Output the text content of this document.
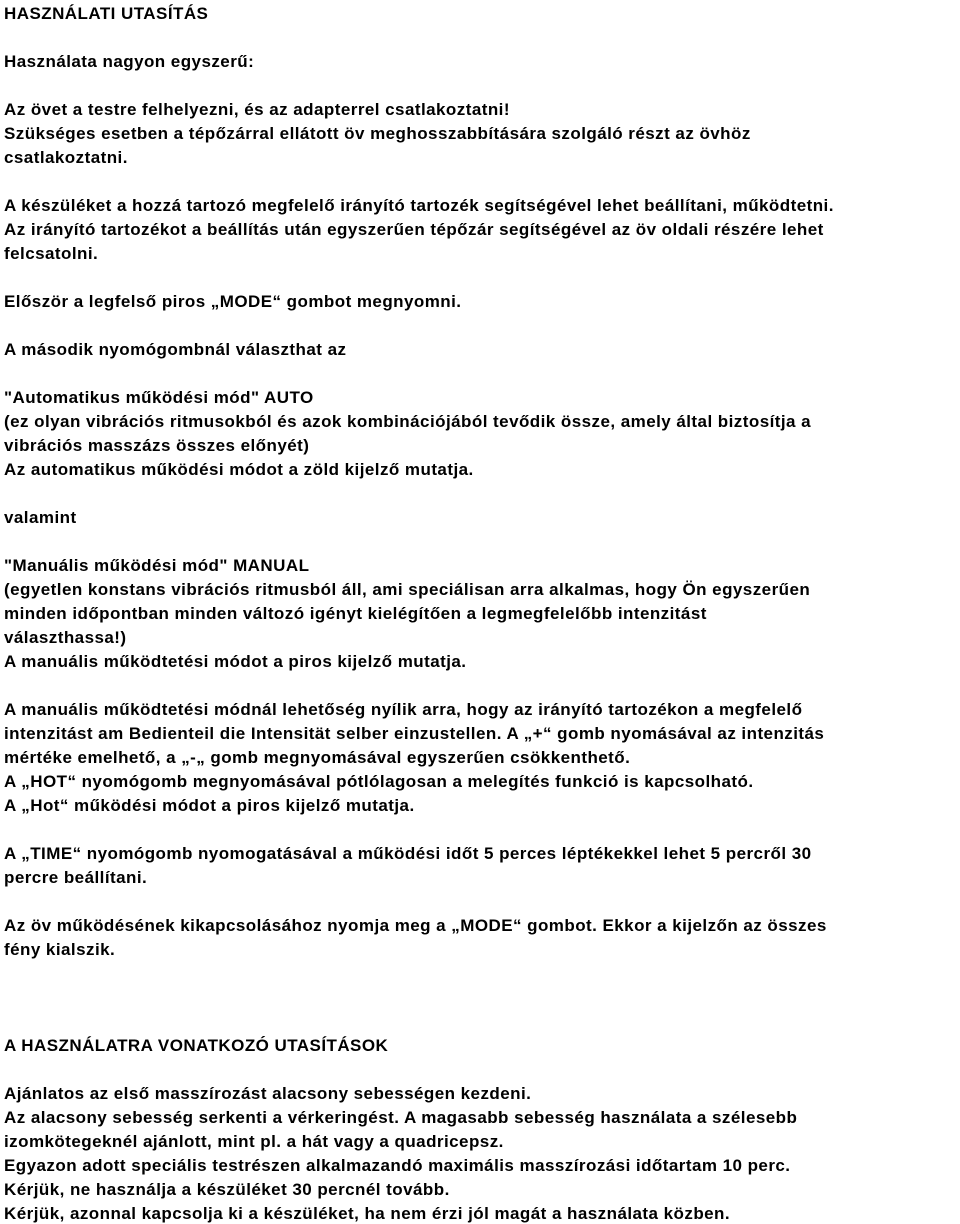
HASZNÁLATI UTASÍTÁS
Használata nagyon egyszerű:
Az övet a testre felhelyezni, és az adapterrel csatlakoztatni!
Szükséges esetben a tépőzárral ellátott öv meghosszabbítására szolgáló részt az övhöz
csatlakoztatni.
A készüléket a hozzá tartozó megfelelő irányító tartozék segítségével lehet beállítani, működtetni.
Az irányító tartozékot a beállítás után egyszerűen tépőzár segítségével az öv oldali részére lehet
felcsatolni.
Először a legfelső piros „MODE“ gombot megnyomni.
A második nyomógombnál választhat az
"Automatikus működési mód" AUTO
(ez olyan vibrációs ritmusokból és azok kombinációjából tevődik össze, amely által biztosítja a
vibrációs masszázs összes előnyét)
Az automatikus működési módot a zöld kijelző mutatja.
valamint
"Manuális működési mód" MANUAL
(egyetlen konstans vibrációs ritmusból áll, ami speciálisan arra alkalmas, hogy Ön egyszerűen
minden időpontban minden változó igényt kielégítően a legmegfelelőbb intenzitást
választhassa!)
A manuális működtetési módot a piros kijelző mutatja.
A manuális működtetési módnál lehetőség nyílik arra, hogy az irányító tartozékon a megfelelő
intenzitást am Bedienteil die Intensität selber einzustellen. A „+“ gomb nyomásával az intenzitás
mértéke emelhető, a „-„ gomb megnyomásával egyszerűen csökkenthető.
A „HOT“ nyomógomb megnyomásával pótlólagosan a melegítés funkció is kapcsolható.
A „Hot“ működési módot a piros kijelző mutatja.
A „TIME“ nyomógomb nyomogatásával a működési időt 5 perces léptékekkel lehet 5 percről 30
percre beállítani.
Az öv működésének kikapcsolásához nyomja meg a „MODE“ gombot. Ekkor a kijelzőn az összes
fény kialszik.
A HASZNÁLATRA VONATKOZÓ UTASÍTÁSOK
Ajánlatos az első masszírozást alacsony sebességen kezdeni.
Az alacsony sebesség serkenti a vérkeringést. A magasabb sebesség használata a szélesebb
izomkötegeknél ajánlott, mint pl. a hát vagy a quadricepsz.
Egyazon adott speciális testrészen alkalmazandó maximális masszírozási időtartam 10 perc.
Kérjük, ne használja a készüléket 30 percnél tovább.
Kérjük, azonnal kapcsolja ki a készüléket, ha nem érzi jól magát a használata közben.
